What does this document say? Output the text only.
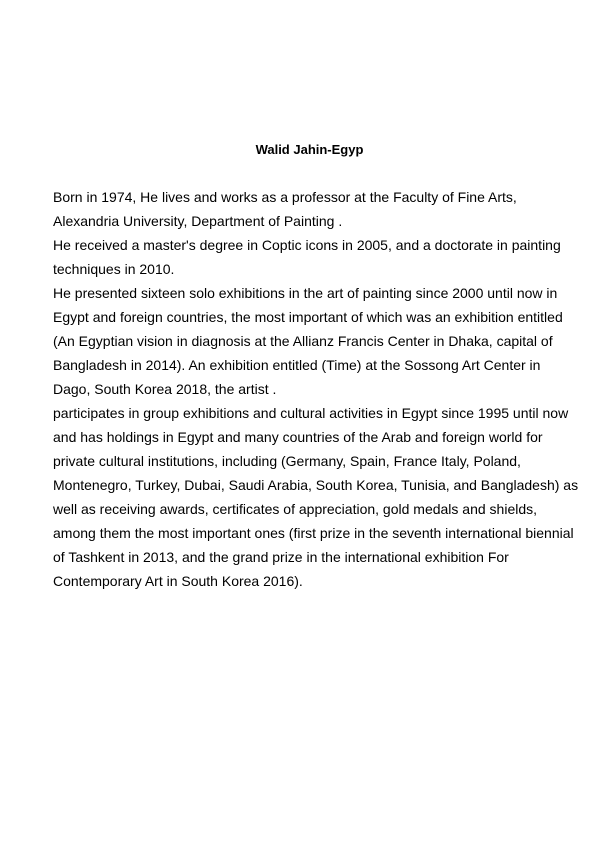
Walid Jahin-Egyp
Born in 1974, He lives and works as a professor at the Faculty of Fine Arts,
Alexandria University, Department of Painting .
He received a master's degree in Coptic icons in 2005, and a doctorate in painting
techniques in 2010.
He presented sixteen solo exhibitions in the art of painting since 2000 until now in
Egypt and foreign countries, the most important of which was an exhibition entitled
(An Egyptian vision in diagnosis at the Allianz Francis Center in Dhaka, capital of
Bangladesh in 2014). An exhibition entitled (Time) at the Sossong Art Center in
Dago, South Korea 2018, the artist .
participates in group exhibitions and cultural activities in Egypt since 1995 until now
and has holdings in Egypt and many countries of the Arab and foreign world for
private cultural institutions, including (Germany, Spain, France Italy, Poland,
Montenegro, Turkey, Dubai, Saudi Arabia, South Korea, Tunisia, and Bangladesh) as
well as receiving awards, certificates of appreciation, gold medals and shields,
among them the most important ones (first prize in the seventh international biennial
of Tashkent in 2013, and the grand prize in the international exhibition For
Contemporary Art in South Korea 2016).
